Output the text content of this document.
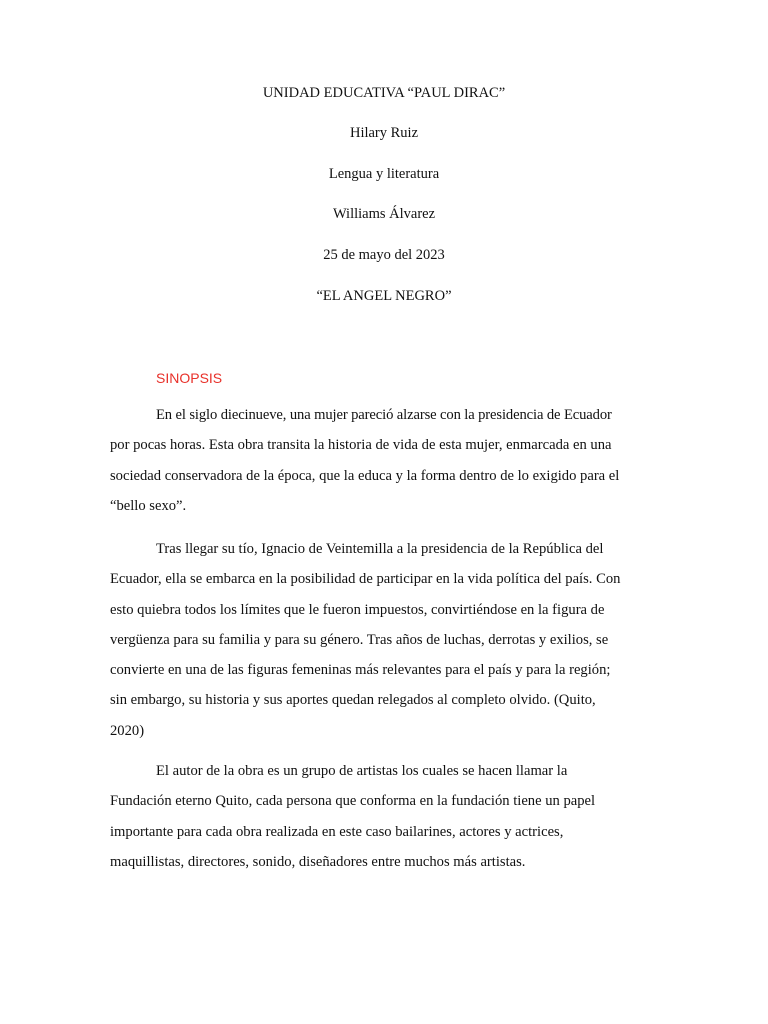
UNIDAD EDUCATIVA “PAUL DIRAC”

Hilary Ruiz

Lengua y literatura

Williams Álvarez

25 de mayo del 2023

“EL ANGEL NEGRO”

SINOPSIS
En el siglo diecinueve, una mujer pareció alzarse con la presidencia de Ecuador
por pocas horas. Esta obra transita la historia de vida de esta mujer, enmarcada en una
sociedad conservadora de la época, que la educa y la forma dentro de lo exigido para el
“bello sexo”.
Tras llegar su tío, Ignacio de Veintemilla a la presidencia de la República del
Ecuador, ella se embarca en la posibilidad de participar en la vida política del país. Con
esto quiebra todos los límites que le fueron impuestos, convirtiéndose en la figura de
vergüenza para su familia y para su género. Tras años de luchas, derrotas y exilios, se
convierte en una de las figuras femeninas más relevantes para el país y para la región;
sin embargo, su historia y sus aportes quedan relegados al completo olvido. (Quito,
2020)
El autor de la obra es un grupo de artistas los cuales se hacen llamar la
Fundación eterno Quito, cada persona que conforma en la fundación tiene un papel
importante para cada obra realizada en este caso bailarines, actores y actrices,
maquillistas, directores, sonido, diseñadores entre muchos más artistas.
